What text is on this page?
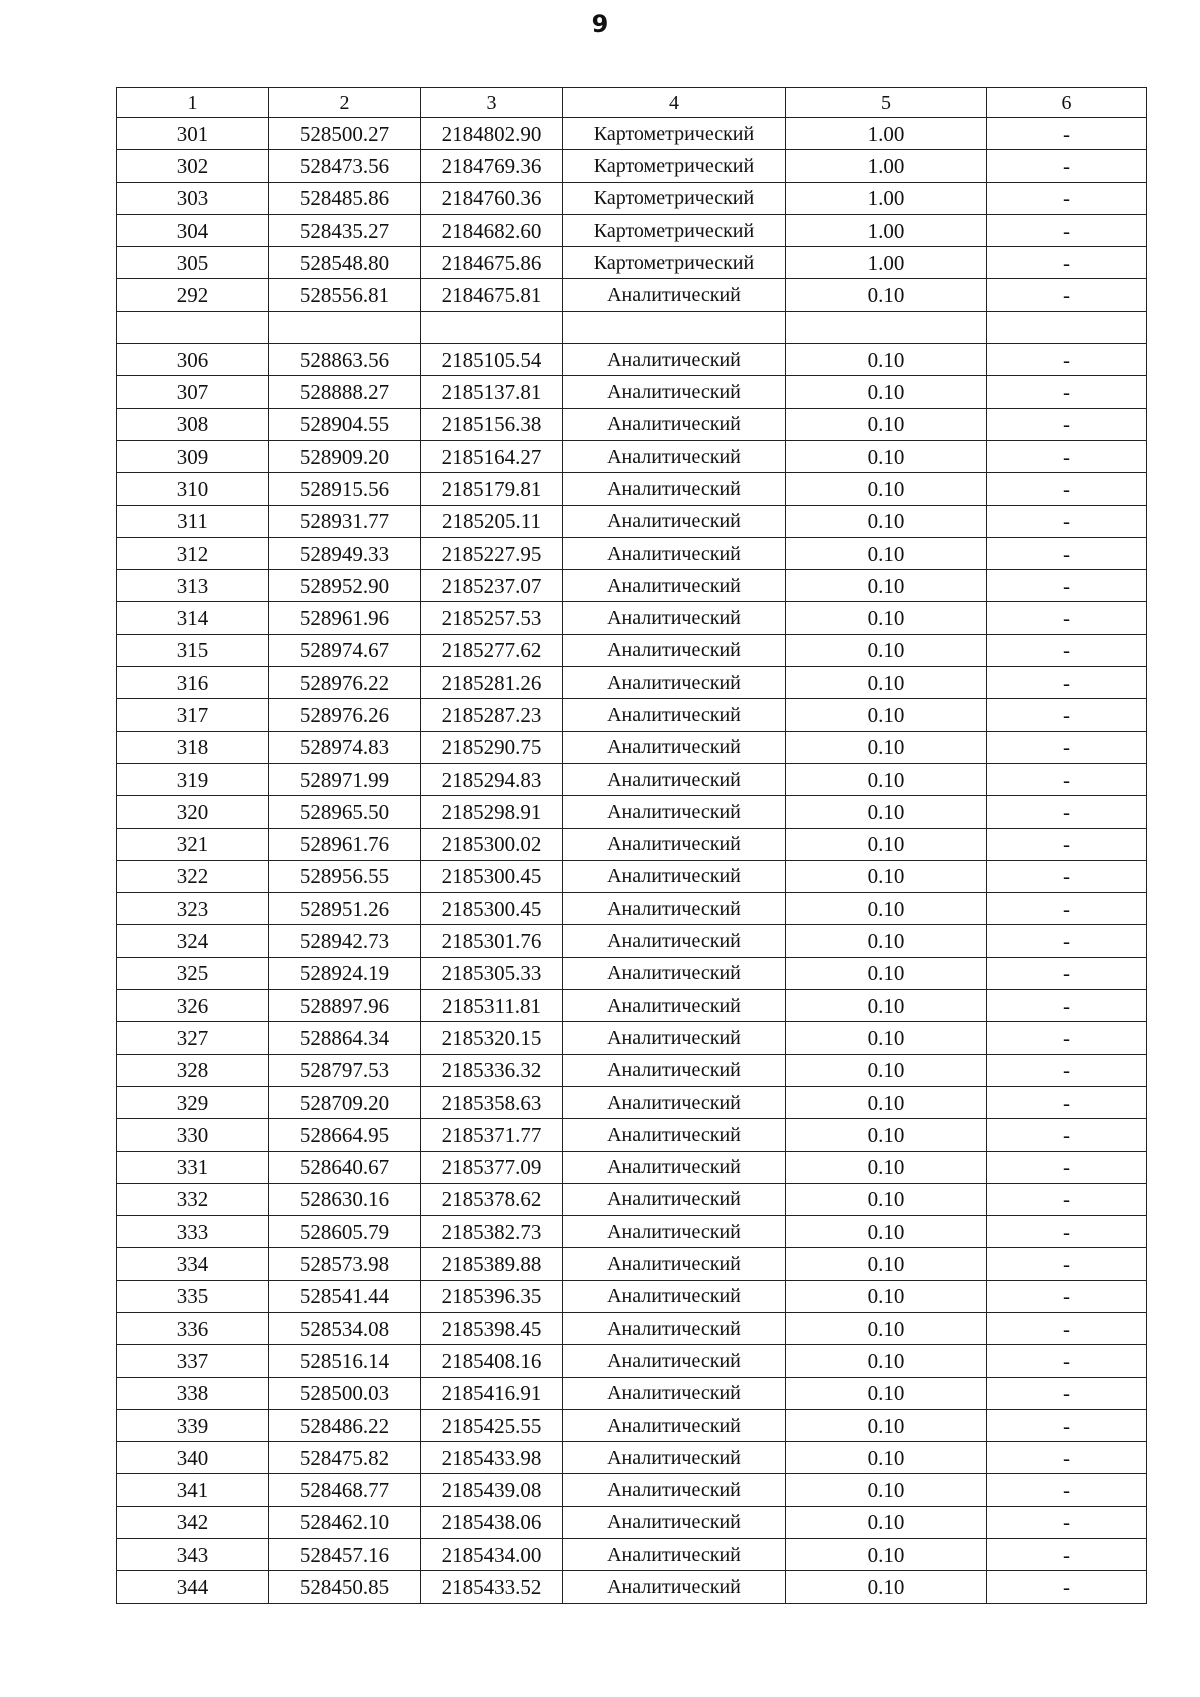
9
1	2	3	4	5	6
301	528500.27	2184802.90	Картометрический	1.00	-
302	528473.56	2184769.36	Картометрический	1.00	-
303	528485.86	2184760.36	Картометрический	1.00	-
304	528435.27	2184682.60	Картометрический	1.00	-
305	528548.80	2184675.86	Картометрический	1.00	-
292	528556.81	2184675.81	Аналитический	0.10	-

306	528863.56	2185105.54	Аналитический	0.10	-
307	528888.27	2185137.81	Аналитический	0.10	-
308	528904.55	2185156.38	Аналитический	0.10	-
309	528909.20	2185164.27	Аналитический	0.10	-
310	528915.56	2185179.81	Аналитический	0.10	-
311	528931.77	2185205.11	Аналитический	0.10	-
312	528949.33	2185227.95	Аналитический	0.10	-
313	528952.90	2185237.07	Аналитический	0.10	-
314	528961.96	2185257.53	Аналитический	0.10	-
315	528974.67	2185277.62	Аналитический	0.10	-
316	528976.22	2185281.26	Аналитический	0.10	-
317	528976.26	2185287.23	Аналитический	0.10	-
318	528974.83	2185290.75	Аналитический	0.10	-
319	528971.99	2185294.83	Аналитический	0.10	-
320	528965.50	2185298.91	Аналитический	0.10	-
321	528961.76	2185300.02	Аналитический	0.10	-
322	528956.55	2185300.45	Аналитический	0.10	-
323	528951.26	2185300.45	Аналитический	0.10	-
324	528942.73	2185301.76	Аналитический	0.10	-
325	528924.19	2185305.33	Аналитический	0.10	-
326	528897.96	2185311.81	Аналитический	0.10	-
327	528864.34	2185320.15	Аналитический	0.10	-
328	528797.53	2185336.32	Аналитический	0.10	-
329	528709.20	2185358.63	Аналитический	0.10	-
330	528664.95	2185371.77	Аналитический	0.10	-
331	528640.67	2185377.09	Аналитический	0.10	-
332	528630.16	2185378.62	Аналитический	0.10	-
333	528605.79	2185382.73	Аналитический	0.10	-
334	528573.98	2185389.88	Аналитический	0.10	-
335	528541.44	2185396.35	Аналитический	0.10	-
336	528534.08	2185398.45	Аналитический	0.10	-
337	528516.14	2185408.16	Аналитический	0.10	-
338	528500.03	2185416.91	Аналитический	0.10	-
339	528486.22	2185425.55	Аналитический	0.10	-
340	528475.82	2185433.98	Аналитический	0.10	-
341	528468.77	2185439.08	Аналитический	0.10	-
342	528462.10	2185438.06	Аналитический	0.10	-
343	528457.16	2185434.00	Аналитический	0.10	-
344	528450.85	2185433.52	Аналитический	0.10	-
